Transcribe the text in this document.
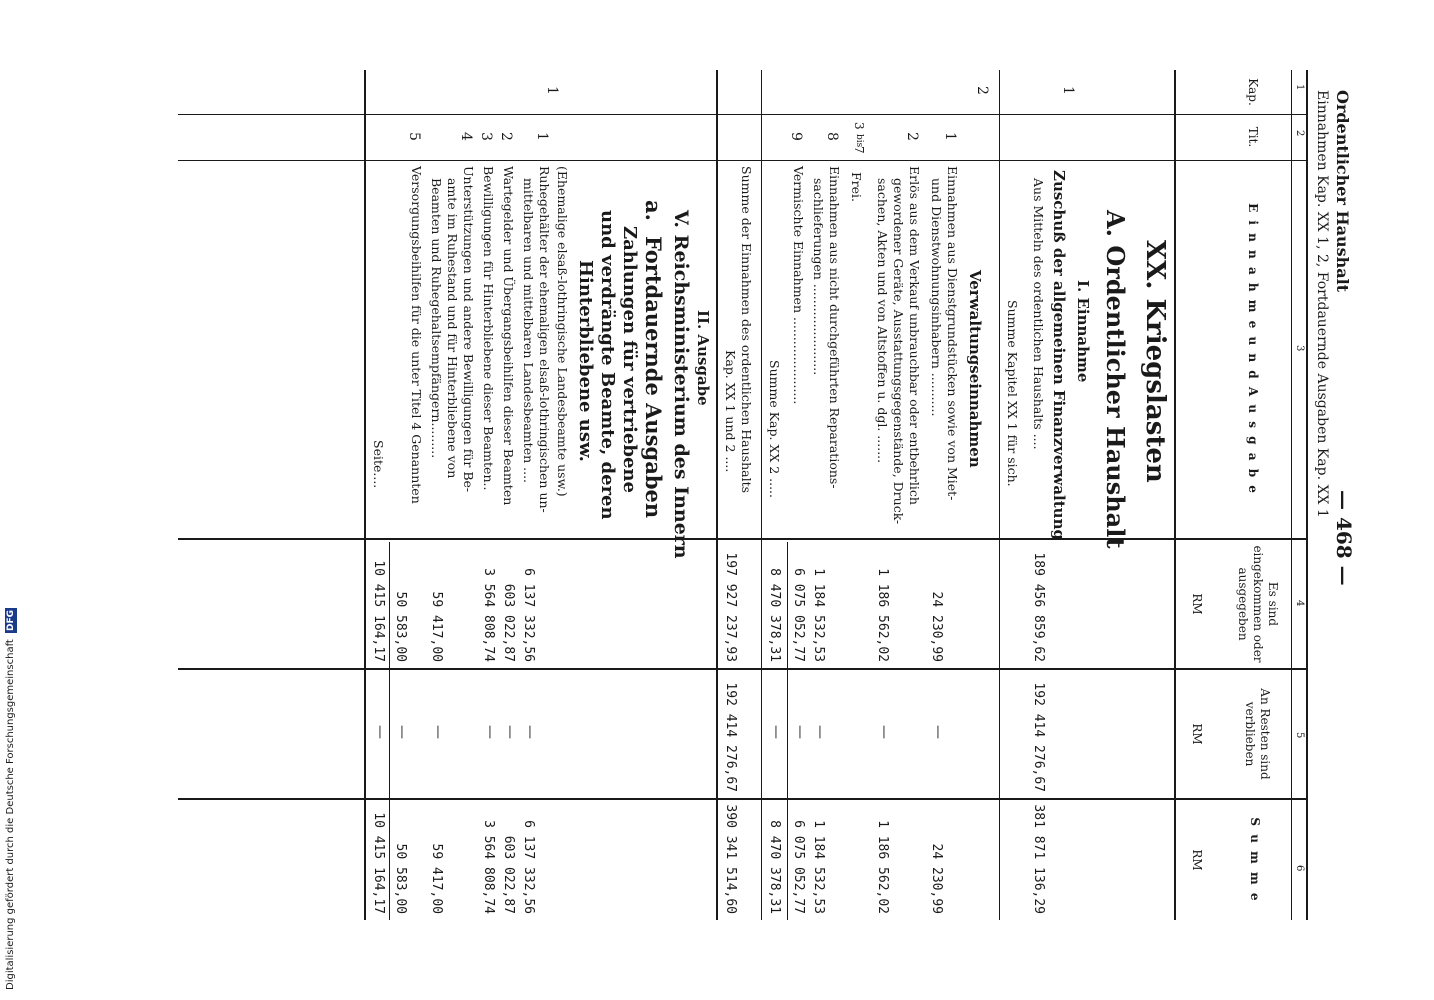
Ordentlicher Haushalt
— 468 —
Einnahmen Kap. XX 1, 2, Fortdauernde Ausgaben Kap. XX 1
1
2
3
4
5
6
Kap.
Tit.
E i n n a h m e u n d A u s g a b e
Es sind eingekommen oder ausgegeben
An Resten sind verblieben
S u m m e
RM
RM
RM
XX. Kriegslasten
A. Ordentlicher Haushalt
I. Einnahme
1
Zuschuß der allgemeinen Finanzverwaltung
Aus Mitteln des ordentlichen Haushalts ....
189 456 859,62
192 414 276,67
381 871 136,29
Summe Kapitel XX 1 für sich.
2
Verwaltungseinnahmen
1
Einnahmen aus Dienstgrundstücken sowie von Miet-
und Dienstwohnungsinhabern ...........
24 230,99
—
24 230,99
2
Erlös aus dem Verkauf unbrauchbar oder entbehrlich
gewordener Geräte, Ausstattungsgegenstände, Druck-
sachen, Akten und von Altstoffen u. dgl. .......
1 186 562,02
—
1 186 562,02
3
bis
7
Frei.
8
Einnahmen aus nicht durchgeführten Reparations-
sachlieferungen .......................
1 184 532,53
—
1 184 532,53
9
Vermischte Einnahmen ......................
6 075 052,77
—
6 075 052,77
Summe Kap. XX 2 .....
8 470 378,31
—
8 470 378,31
Summe der Einnahmen des ordentlichen Haushalts
Kap. XX 1 und 2 ....
197 927 237,93
192 414 276,67
390 341 514,60
II. Ausgabe
V. Reichsministerium des Innern
a.
Fortdauernde Ausgaben
Zahlungen für vertriebene
und verdrängte Beamte, deren
Hinterbliebene usw.
1
(Ehemalige elsaß-lothringische Landesbeamte usw.)
1
Ruhegehälter der ehemaligen elsaß-lothringischen un-
mittelbaren und mittelbaren Landesbeamten ....
6 137 332,56
—
6 137 332,56
2
Wartegelder und Übergangsbeihilfen dieser Beamten
603 022,87
—
603 022,87
3
Bewilligungen für Hinterbliebene dieser Beamten..
3 564 808,74
—
3 564 808,74
4
Unterstützungen und andere Bewilligungen für Be-
amte im Ruhestand und für Hinterbliebene von
Beamten und Ruhegehaltsempfängern.........
59 417,00
—
59 417,00
5
Versorgungsbeihilfen für die unter Titel 4 Genannten
50 583,00
—
50 583,00
Seite....
10 415 164,17
—
10 415 164,17
Digitalisierung gefördert durch die Deutsche Forschungsgemeinschaft DFG
